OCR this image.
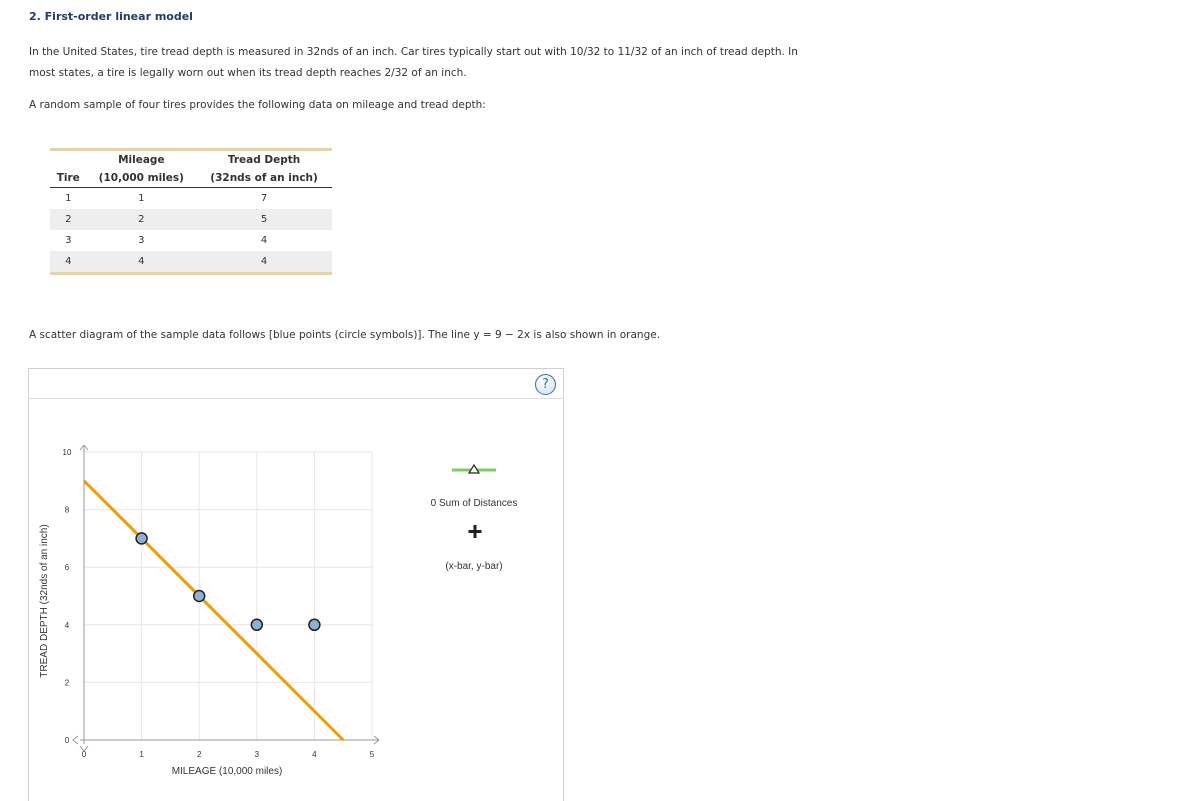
2. First-order linear model
In the United States, tire tread depth is measured in 32nds of an inch. Car tires typically start out with 10/32 to 11/32 of an inch of tread depth. In
most states, a tire is legally worn out when its tread depth reaches 2/32 of an inch.
A random sample of four tires provides the following data on mileage and tread depth:
	Mileage	Tread Depth
Tire	(10,000 miles)	(32nds of an inch)
1	1	7
2	2	5
3	3	4
4	4	4
A scatter diagram of the sample data follows [blue points (circle symbols)]. The line y = 9 − 2x is also shown in orange.
?
0	1	2	3	4	5
0
2
4
6
8
10
MILEAGE (10,000 miles)
TREAD DEPTH (32nds of an inch)
0 Sum of Distances
(x-bar, y-bar)
